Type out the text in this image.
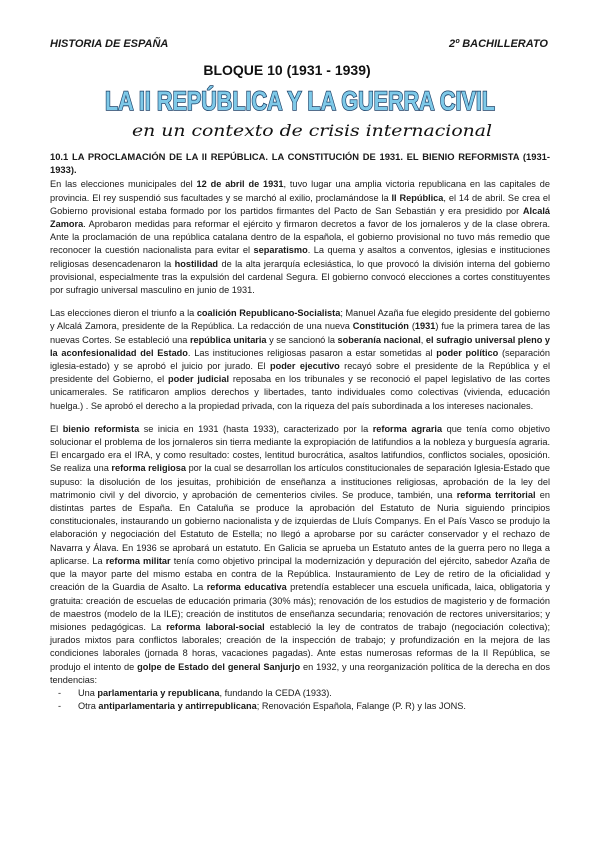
HISTORIA DE ESPAÑA	2º BACHILLERATO
BLOQUE 10 (1931 - 1939)
LA II REPÚBLICA Y LA GUERRA CIVIL
en un contexto de crisis internacional
10.1 LA PROCLAMACIÓN DE LA II REPÚBLICA. LA CONSTITUCIÓN DE 1931. EL BIENIO REFORMISTA (1931-1933).

En las elecciones municipales del 12 de abril de 1931, tuvo lugar una amplia victoria republicana en las capitales de provincia. El rey suspendió sus facultades y se marchó al exilio, proclamándose la II República, el 14 de abril. Se crea el Gobierno provisional estaba formado por los partidos firmantes del Pacto de San Sebastián y era presidido por Alcalá Zamora. Aprobaron medidas para reformar el ejército y firmaron decretos a favor de los jornaleros y de la clase obrera. Ante la proclamación de una república catalana dentro de la española, el gobierno provisional no tuvo más remedio que reconocer la cuestión nacionalista para evitar el separatismo. La quema y asaltos a conventos, iglesias e instituciones religiosas desencadenaron la hostilidad de la alta jerarquía eclesiástica, lo que provocó la división interna del gobierno provisional, especialmente tras la expulsión del cardenal Segura. El gobierno convocó elecciones a cortes constituyentes por sufragio universal masculino en junio de 1931.

Las elecciones dieron el triunfo a la coalición Republicano-Socialista; Manuel Azaña fue elegido presidente del gobierno y Alcalá Zamora, presidente de la República. La redacción de una nueva Constitución (1931) fue la primera tarea de las nuevas Cortes. Se estableció una república unitaria y se sancionó la soberanía nacional, el sufragio universal pleno y la aconfesionalidad del Estado. Las instituciones religiosas pasaron a estar sometidas al poder político (separación iglesia-estado) y se aprobó el juicio por jurado. El poder ejecutivo recayó sobre el presidente de la República y el presidente del Gobierno, el poder judicial reposaba en los tribunales y se reconoció el papel legislativo de las cortes unicamerales. Se ratificaron amplios derechos y libertades, tanto individuales como colectivas (vivienda, educación huelga.) . Se aprobó el derecho a la propiedad privada, con la riqueza del país subordinada a los intereses nacionales.

El bienio reformista se inicia en 1931 (hasta 1933), caracterizado por la reforma agraria que tenía como objetivo solucionar el problema de los jornaleros sin tierra mediante la expropiación de latifundios a la nobleza y burguesía agraria. El encargado era el IRA, y como resultado: costes, lentitud burocrática, asaltos latifundios, conflictos sociales, oposición. Se realiza una reforma religiosa por la cual se desarrollan los artículos constitucionales de separación Iglesia-Estado que supuso: la disolución de los jesuitas, prohibición de enseñanza a instituciones religiosas, aprobación de la ley del matrimonio civil y del divorcio, y aprobación de cementerios civiles. Se produce, también, una reforma territorial en distintas partes de España. En Cataluña se produce la aprobación del Estatuto de Nuria siguiendo principios constitucionales, instaurando un gobierno nacionalista y de izquierdas de Lluís Companys. En el País Vasco se produjo la elaboración y negociación del Estatuto de Estella; no llegó a aprobarse por su carácter conservador y el rechazo de Navarra y Álava. En 1936 se aprobará un estatuto. En Galicia se aprueba un Estatuto antes de la guerra pero no llega a aplicarse. La reforma militar tenía como objetivo principal la modernización y depuración del ejército, sabedor Azaña de que la mayor parte del mismo estaba en contra de la República. Instauramiento de Ley de retiro de la oficialidad y creación de la Guardia de Asalto. La reforma educativa pretendía establecer una escuela unificada, laica, obligatoria y gratuita: creación de escuelas de educación primaria (30% más); renovación de los estudios de magisterio y de formación de maestros (modelo de la ILE); creación de institutos de enseñanza secundaria; renovación de rectores universitarios; y misiones pedagógicas. La reforma laboral-social estableció la ley de contratos de trabajo (negociación colectiva); jurados mixtos para conflictos laborales; creación de la inspección de trabajo; y profundización en la mejora de las condiciones laborales (jornada 8 horas, vacaciones pagadas). Ante estas numerosas reformas de la II República, se produjo el intento de golpe de Estado del general Sanjurjo en 1932, y una reorganización política de la derecha en dos tendencias:

- Una parlamentaria y republicana, fundando la CEDA (1933).
- Otra antiparlamentaria y antirrepublicana; Renovación Española, Falange (P. R) y las JONS.
